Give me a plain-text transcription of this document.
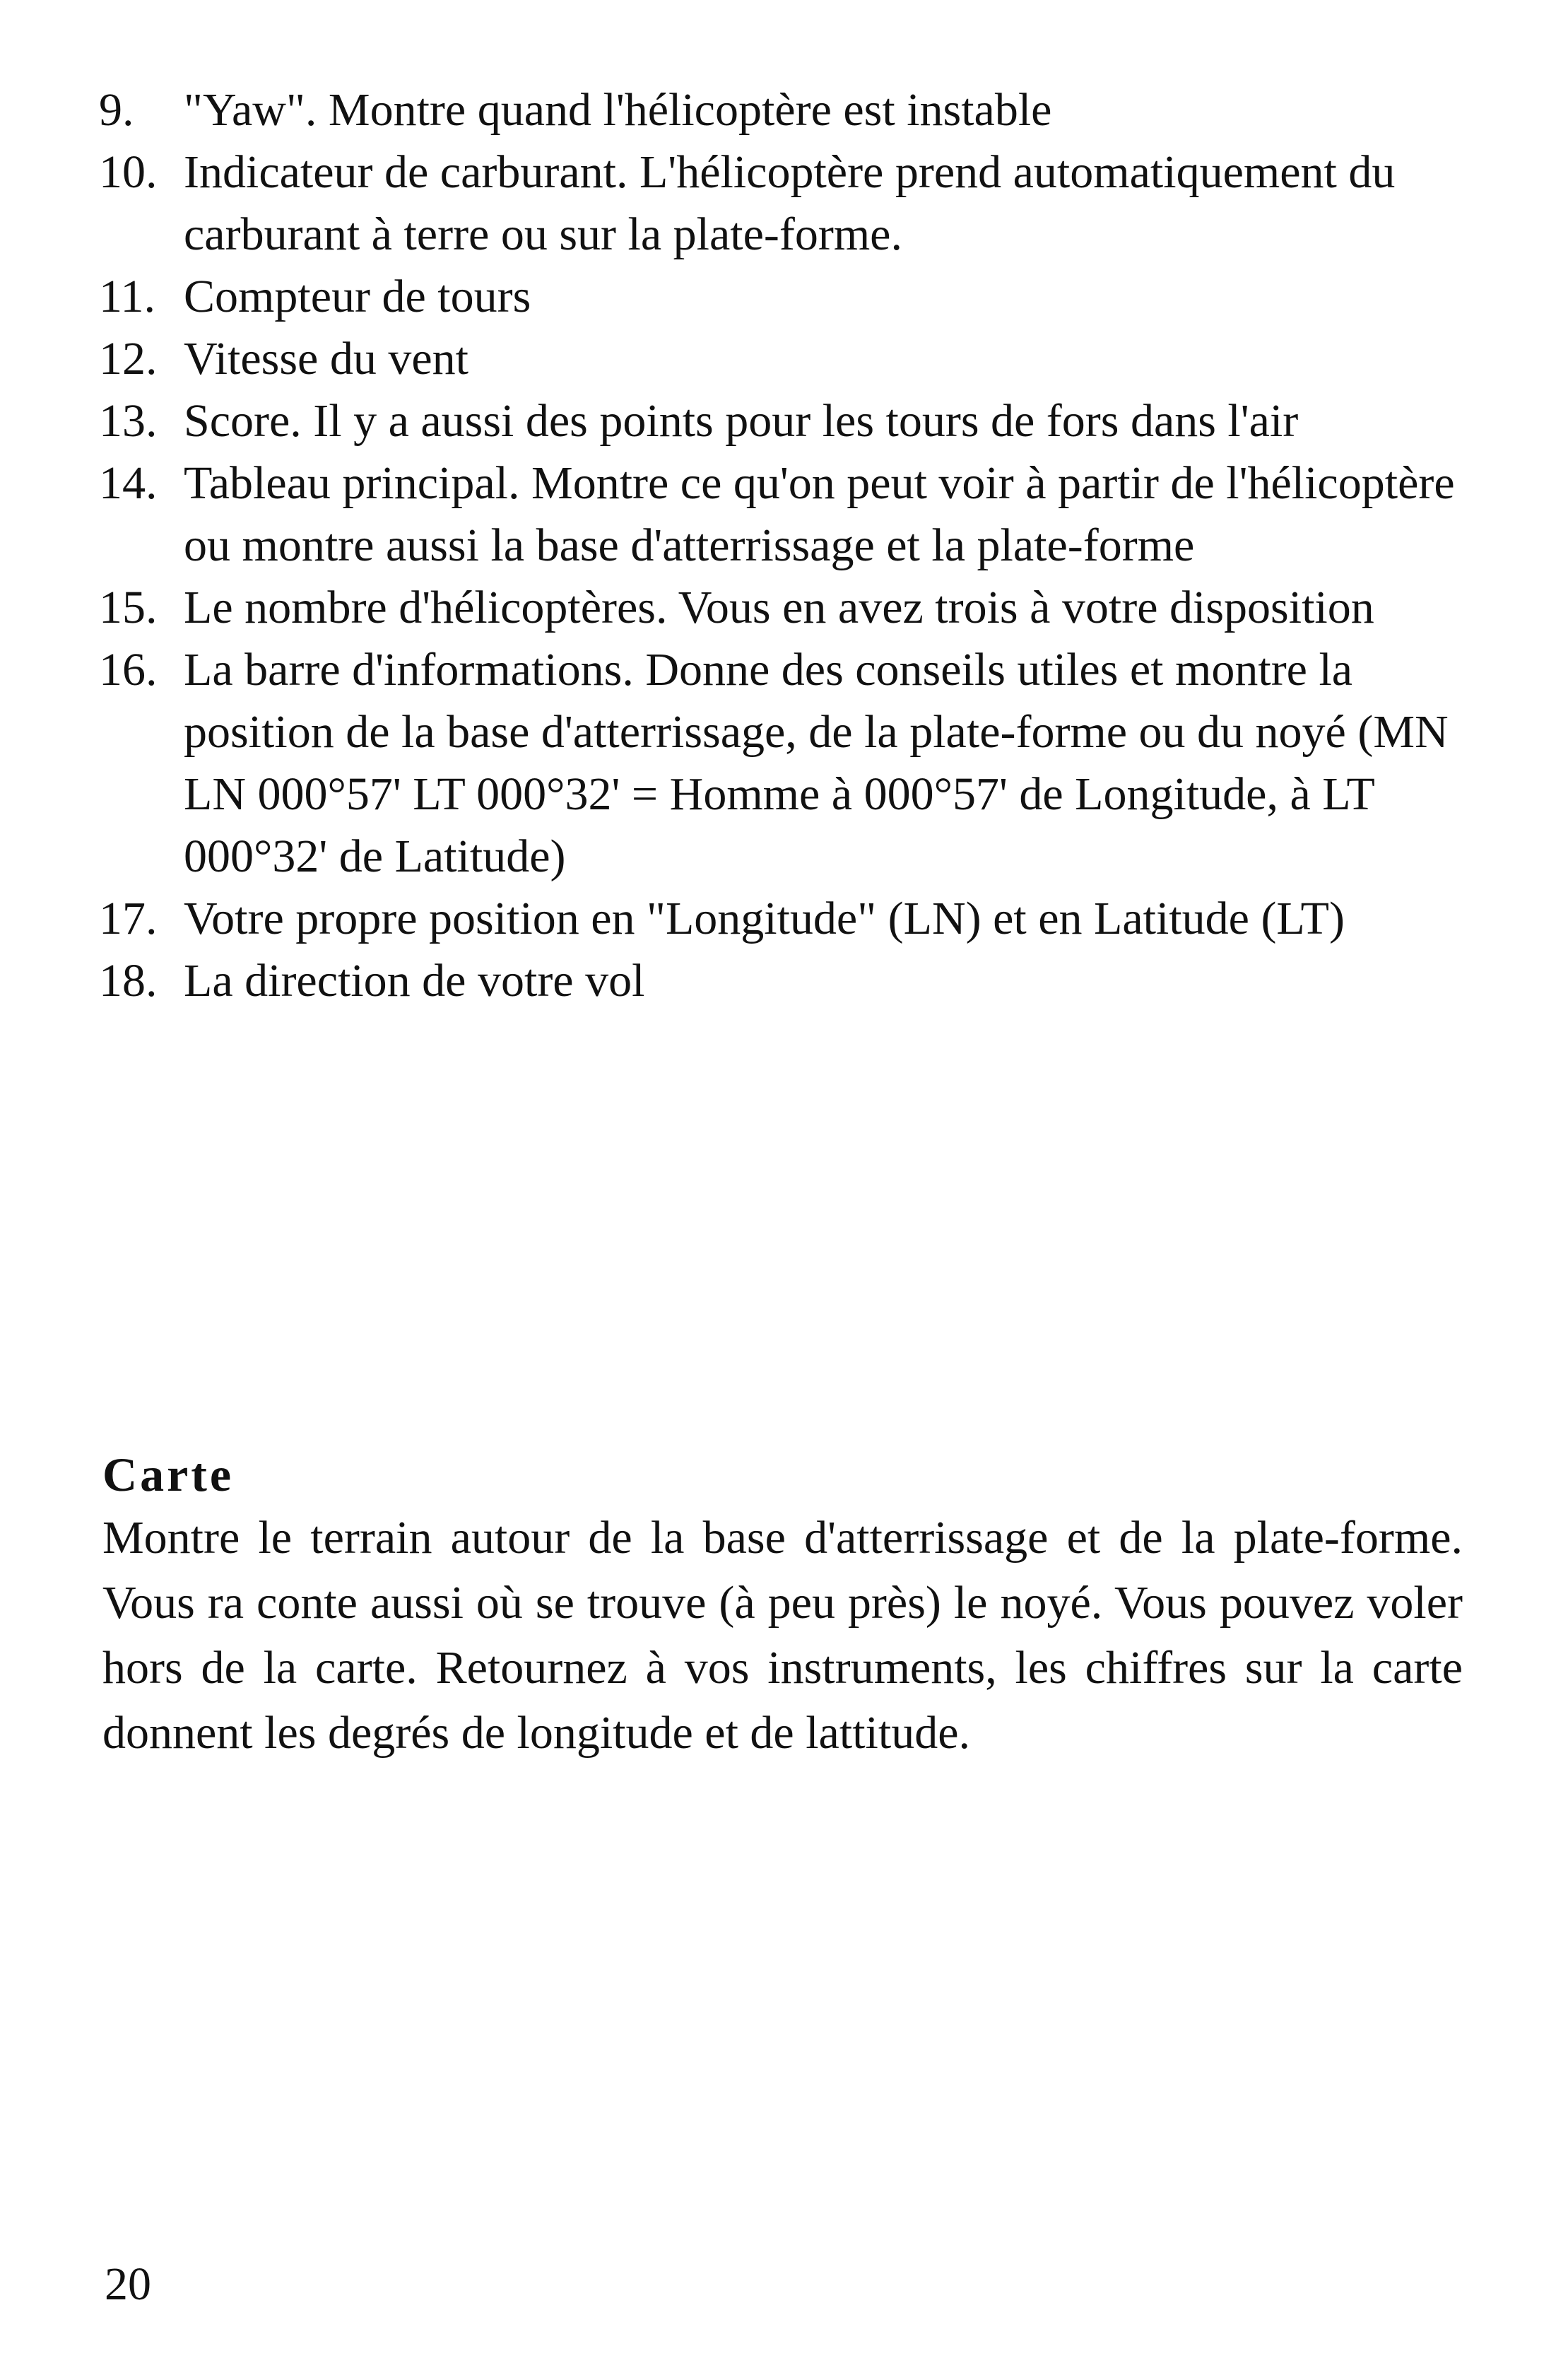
9.	"Yaw". Montre quand l'hélicoptère est instable
10. Indicateur de carburant. L'hélicoptère prend automatiquement du carburant à terre ou sur la plate-forme.
11. Compteur de tours
12. Vitesse du vent
13. Score. Il y a aussi des points pour les tours de fors dans l'air
14. Tableau principal. Montre ce qu'on peut voir à partir de l'hélicoptère ou montre aussi la base d'atterrissage et la plate-forme
15. Le nombre d'hélicoptères. Vous en avez trois à votre disposition
16. La barre d'informations. Donne des conseils utiles et montre la position de la base d'atterrissage, de la plate-forme ou du noyé (MN LN 000°57' LT 000°32' = Homme à 000°57' de Longitude, à LT 000°32' de Latitude)
17. Votre propre position en "Longitude" (LN) et en Latitude (LT)
18. La direction de votre vol
Carte

Montre le terrain autour de la base d'atterrissage et de la plate-forme. Vous ra conte aussi où se trouve (à peu près) le noyé. Vous pouvez voler hors de la carte. Retournez à vos instruments, les chiffres sur la carte donnent les degrés de longitude et de lattitude.

20
